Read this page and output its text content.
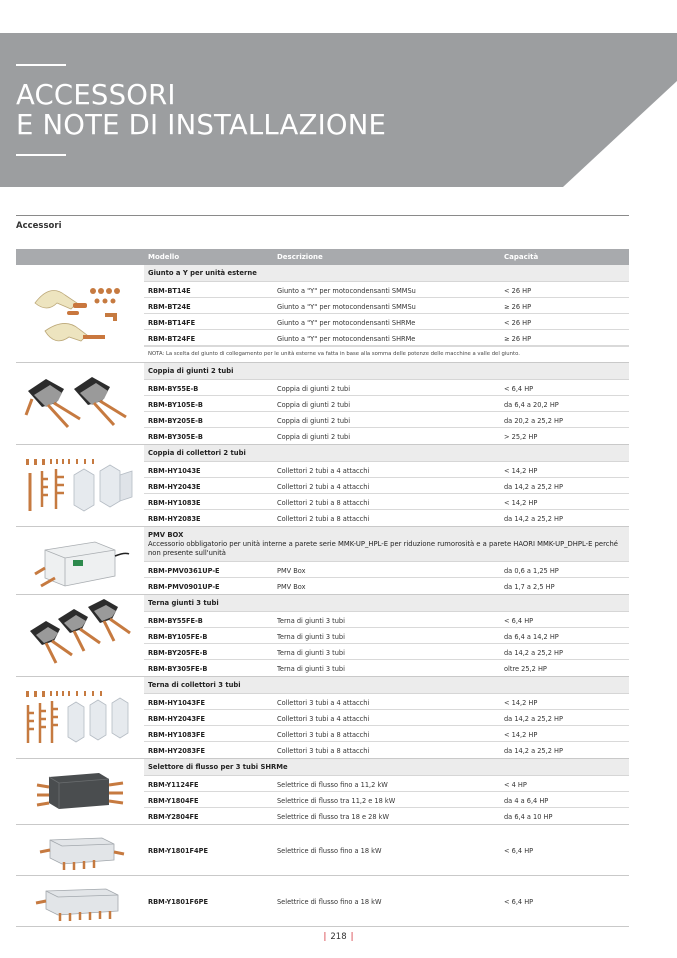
ACCESSORI
E NOTE DI INSTALLAZIONE
Accessori
Modello	Descrizione	Capacità
Giunto a Y per unità esterne
RBM-BT14E	Giunto a "Y" per motocondensanti SMMSu	< 26 HP
RBM-BT24E	Giunto a "Y" per motocondensanti SMMSu	≥ 26 HP
RBM-BT14FE	Giunto a "Y" per motocondensanti SHRMe	< 26 HP
RBM-BT24FE	Giunto a "Y" per motocondensanti SHRMe	≥ 26 HP
NOTA: La scelta del giunto di collegamento per le unità esterne va fatta in base alla somma delle potenze delle macchine a valle del giunto.
Coppia di giunti 2 tubi
RBM-BY55E-B	Coppia di giunti 2 tubi	< 6,4 HP
RBM-BY105E-B	Coppia di giunti 2 tubi	da 6,4 a 20,2 HP
RBM-BY205E-B	Coppia di giunti 2 tubi	da 20,2 a 25,2 HP
RBM-BY305E-B	Coppia di giunti 2 tubi	> 25,2 HP
Coppia di collettori 2 tubi
RBM-HY1043E	Collettori 2 tubi a 4 attacchi	< 14,2 HP
RBM-HY2043E	Collettori 2 tubi a 4 attacchi	da 14,2 a 25,2 HP
RBM-HY1083E	Collettori 2 tubi a 8 attacchi	< 14,2 HP
RBM-HY2083E	Collettori 2 tubi a 8 attacchi	da 14,2 a 25,2 HP
PMV BOX
Accessorio obbligatorio per unità interne a parete serie MMK-UP_HPL-E per riduzione rumorosità e a parete HAORI MMK-UP_DHPL-E perché non presente sull'unità
RBM-PMV0361UP-E	PMV Box	da 0,6 a 1,25 HP
RBM-PMV0901UP-E	PMV Box	da 1,7 a 2,5 HP
Terna giunti 3 tubi
RBM-BY55FE-B	Terna di giunti 3 tubi	< 6,4 HP
RBM-BY105FE-B	Terna di giunti 3 tubi	da 6,4 a 14,2 HP
RBM-BY205FE-B	Terna di giunti 3 tubi	da 14,2 a 25,2 HP
RBM-BY305FE-B	Terna di giunti 3 tubi	oltre 25,2 HP
Terna di collettori 3 tubi
RBM-HY1043FE	Collettori 3 tubi a 4 attacchi	< 14,2 HP
RBM-HY2043FE	Collettori 3 tubi a 4 attacchi	da 14,2 a 25,2 HP
RBM-HY1083FE	Collettori 3 tubi a 8 attacchi	< 14,2 HP
RBM-HY2083FE	Collettori 3 tubi a 8 attacchi	da 14,2 a 25,2 HP
Selettore di flusso per 3 tubi SHRMe
RBM-Y1124FE	Selettrice di flusso fino a 11,2 kW	< 4 HP
RBM-Y1804FE	Selettrice di flusso tra 11,2 e 18 kW	da 4 a 6,4 HP
RBM-Y2804FE	Selettrice di flusso tra 18 e 28 kW	da 6,4 a 10 HP
RBM-Y1801F4PE	Selettrice di flusso fino a 18 kW	< 6,4 HP
RBM-Y1801F6PE	Selettrice di flusso fino a 18 kW	< 6,4 HP
| 218 |
